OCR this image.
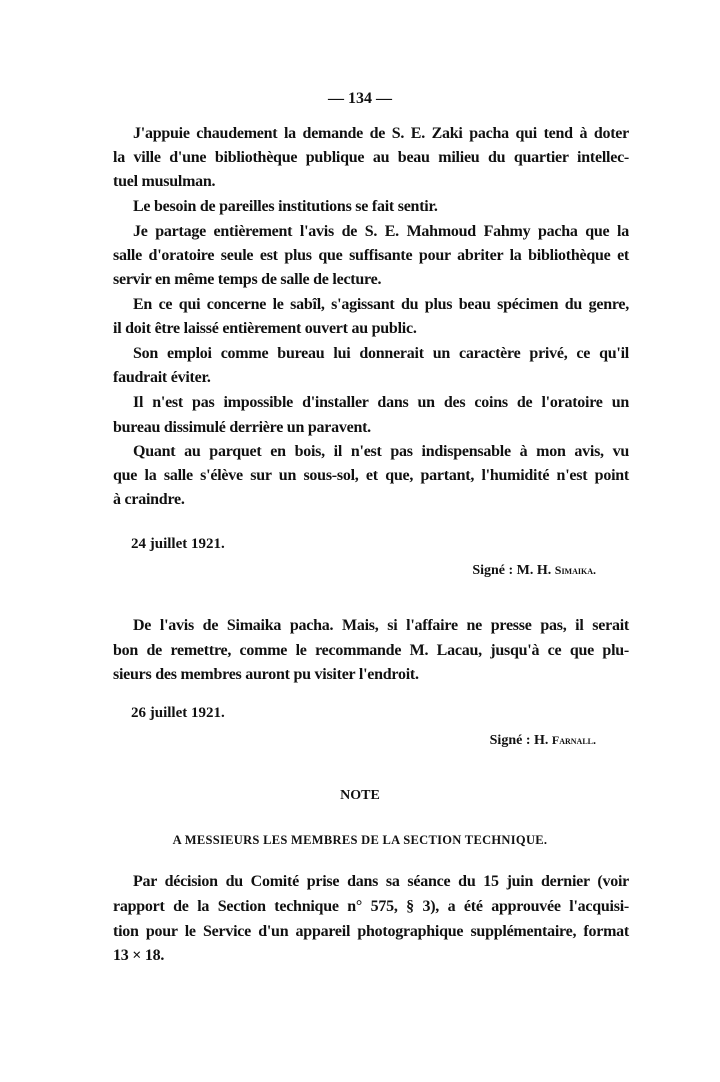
— 134 —
J'appuie chaudement la demande de S. E. Zaki pacha qui tend à doter
la ville d'une bibliothèque publique au beau milieu du quartier intellec-
tuel musulman.
Le besoin de pareilles institutions se fait sentir.
Je partage entièrement l'avis de S. E. Mahmoud Fahmy pacha que la
salle d'oratoire seule est plus que suffisante pour abriter la bibliothèque et
servir en même temps de salle de lecture.
En ce qui concerne le sabîl, s'agissant du plus beau spécimen du genre,
il doit être laissé entièrement ouvert au public.
Son emploi comme bureau lui donnerait un caractère privé, ce qu'il
faudrait éviter.
Il n'est pas impossible d'installer dans un des coins de l'oratoire un
bureau dissimulé derrière un paravent.
Quant au parquet en bois, il n'est pas indispensable à mon avis, vu
que la salle s'élève sur un sous-sol, et que, partant, l'humidité n'est point
à craindre.
24 juillet 1921.
Signé : M. H. Simaika.
De l'avis de Simaika pacha. Mais, si l'affaire ne presse pas, il serait
bon de remettre, comme le recommande M. Lacau, jusqu'à ce que plu-
sieurs des membres auront pu visiter l'endroit.
26 juillet 1921.
Signé : H. Farnall.
NOTE
A MESSIEURS LES MEMBRES DE LA SECTION TECHNIQUE.
Par décision du Comité prise dans sa séance du 15 juin dernier (voir
rapport de la Section technique n° 575, § 3), a été approuvée l'acquisi-
tion pour le Service d'un appareil photographique supplémentaire, format
13 × 18.
